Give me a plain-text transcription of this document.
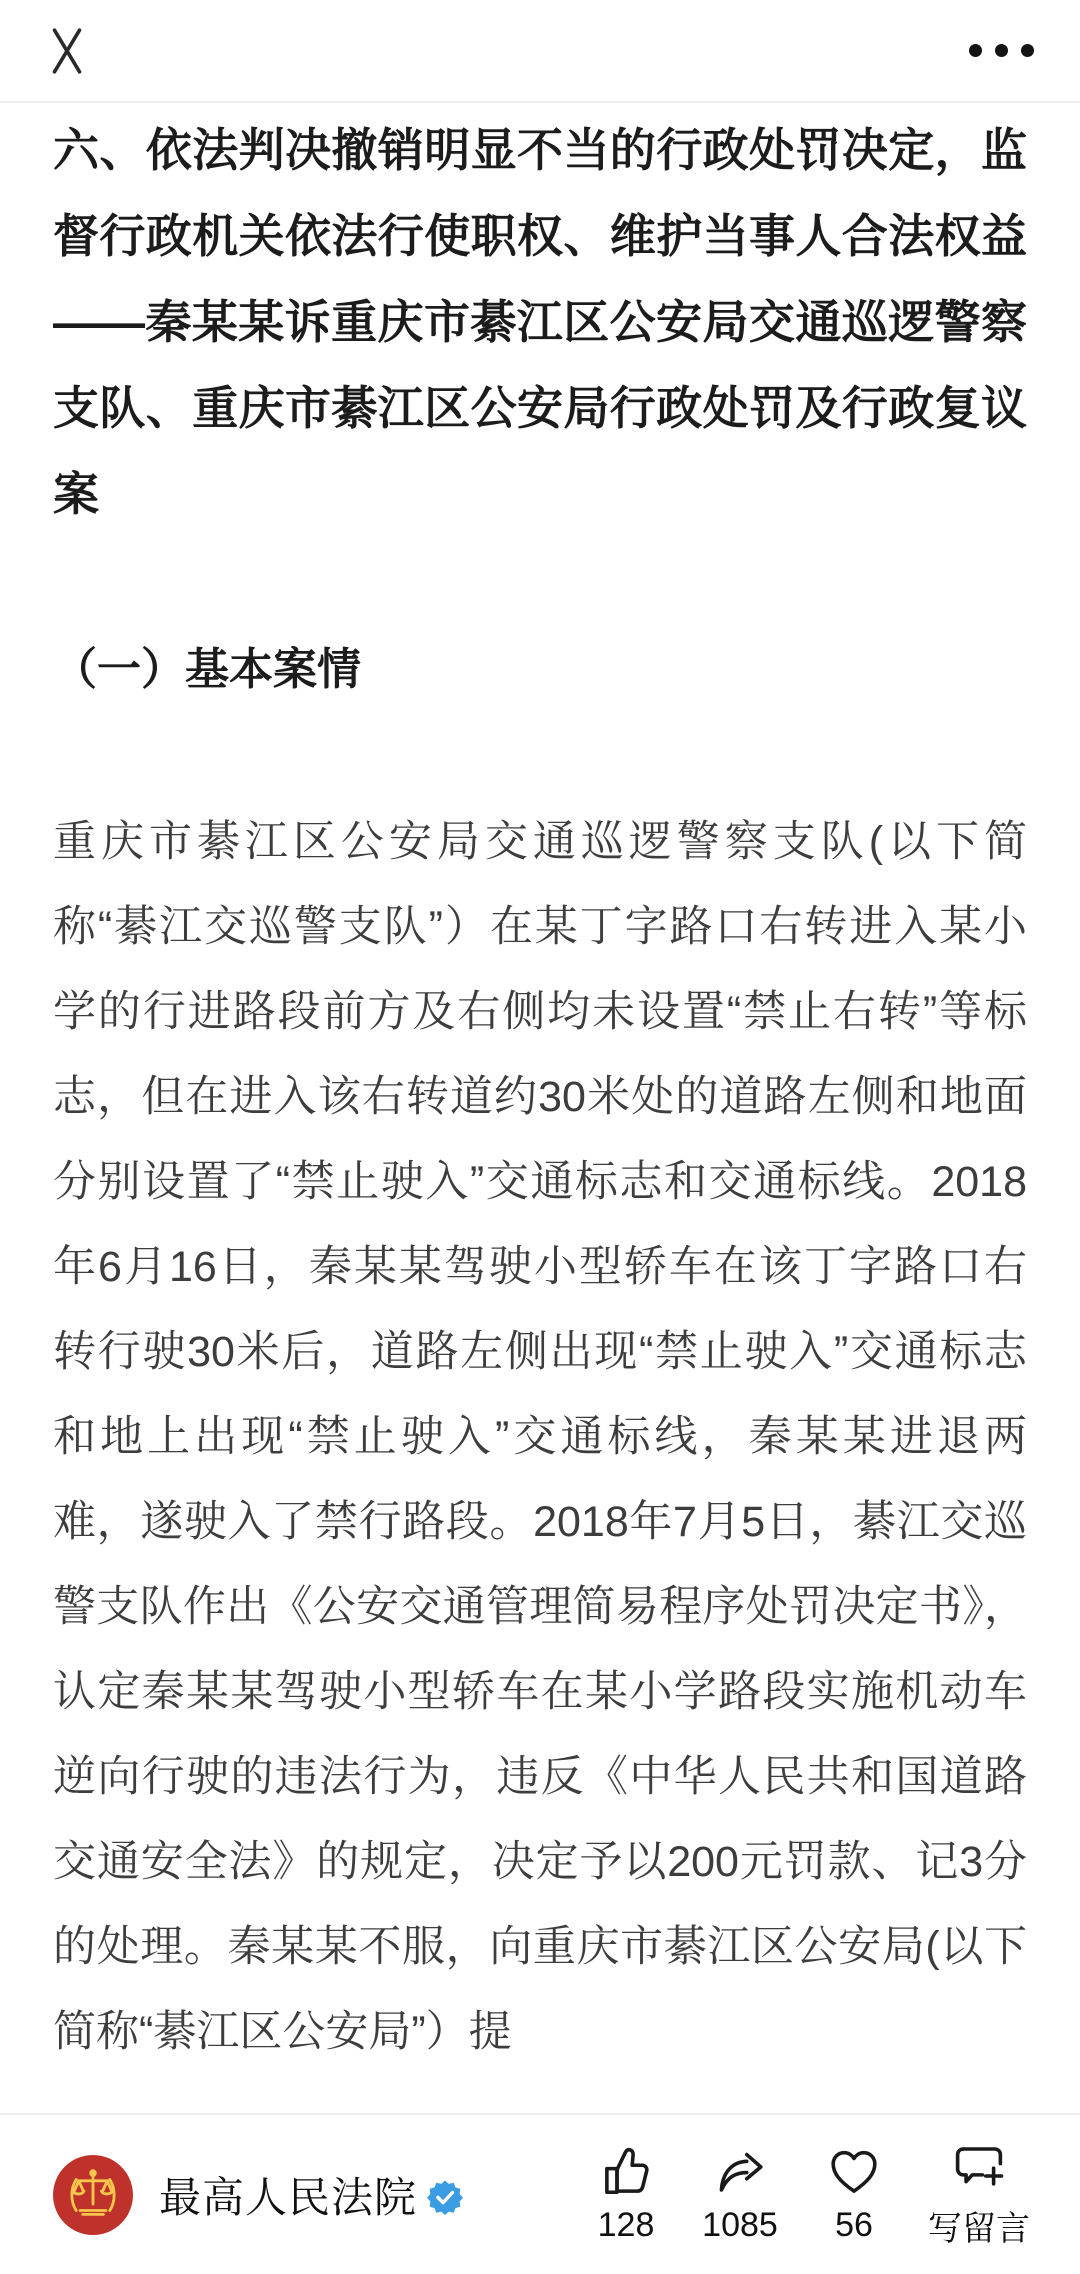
六、依法判决撤销明显不当的行政处罚决定，监督行政机关依法行使职权、维护当事人合法权益——秦某某诉重庆市綦江区公安局交通巡逻警察支队、重庆市綦江区公安局行政处罚及行政复议案
（一）基本案情

重庆市綦江区公安局交通巡逻警察支队(以下简称“綦江交巡警支队”）在某丁字路口右转进入某小学的行进路段前方及右侧均未设置“禁止右转”等标志，但在进入该右转道约30米处的道路左侧和地面分别设置了“禁止驶入”交通标志和交通标线。2018年6月16日，秦某某驾驶小型轿车在该丁字路口右转行驶30米后，道路左侧出现“禁止驶入”交通标志和地上出现“禁止驶入”交通标线，秦某某进退两难，遂驶入了禁行路段。2018年7月5日，綦江交巡警支队作出《公安交通管理简易程序处罚决定书》，认定秦某某驾驶小型轿车在某小学路段实施机动车逆向行驶的违法行为，违反《中华人民共和国道路交通安全法》的规定，决定予以200元罚款、记3分的处理。秦某某不服，向重庆市綦江区公安局(以下简称“綦江区公安局”）提

最高人民法院
128 1085 56 写留言
